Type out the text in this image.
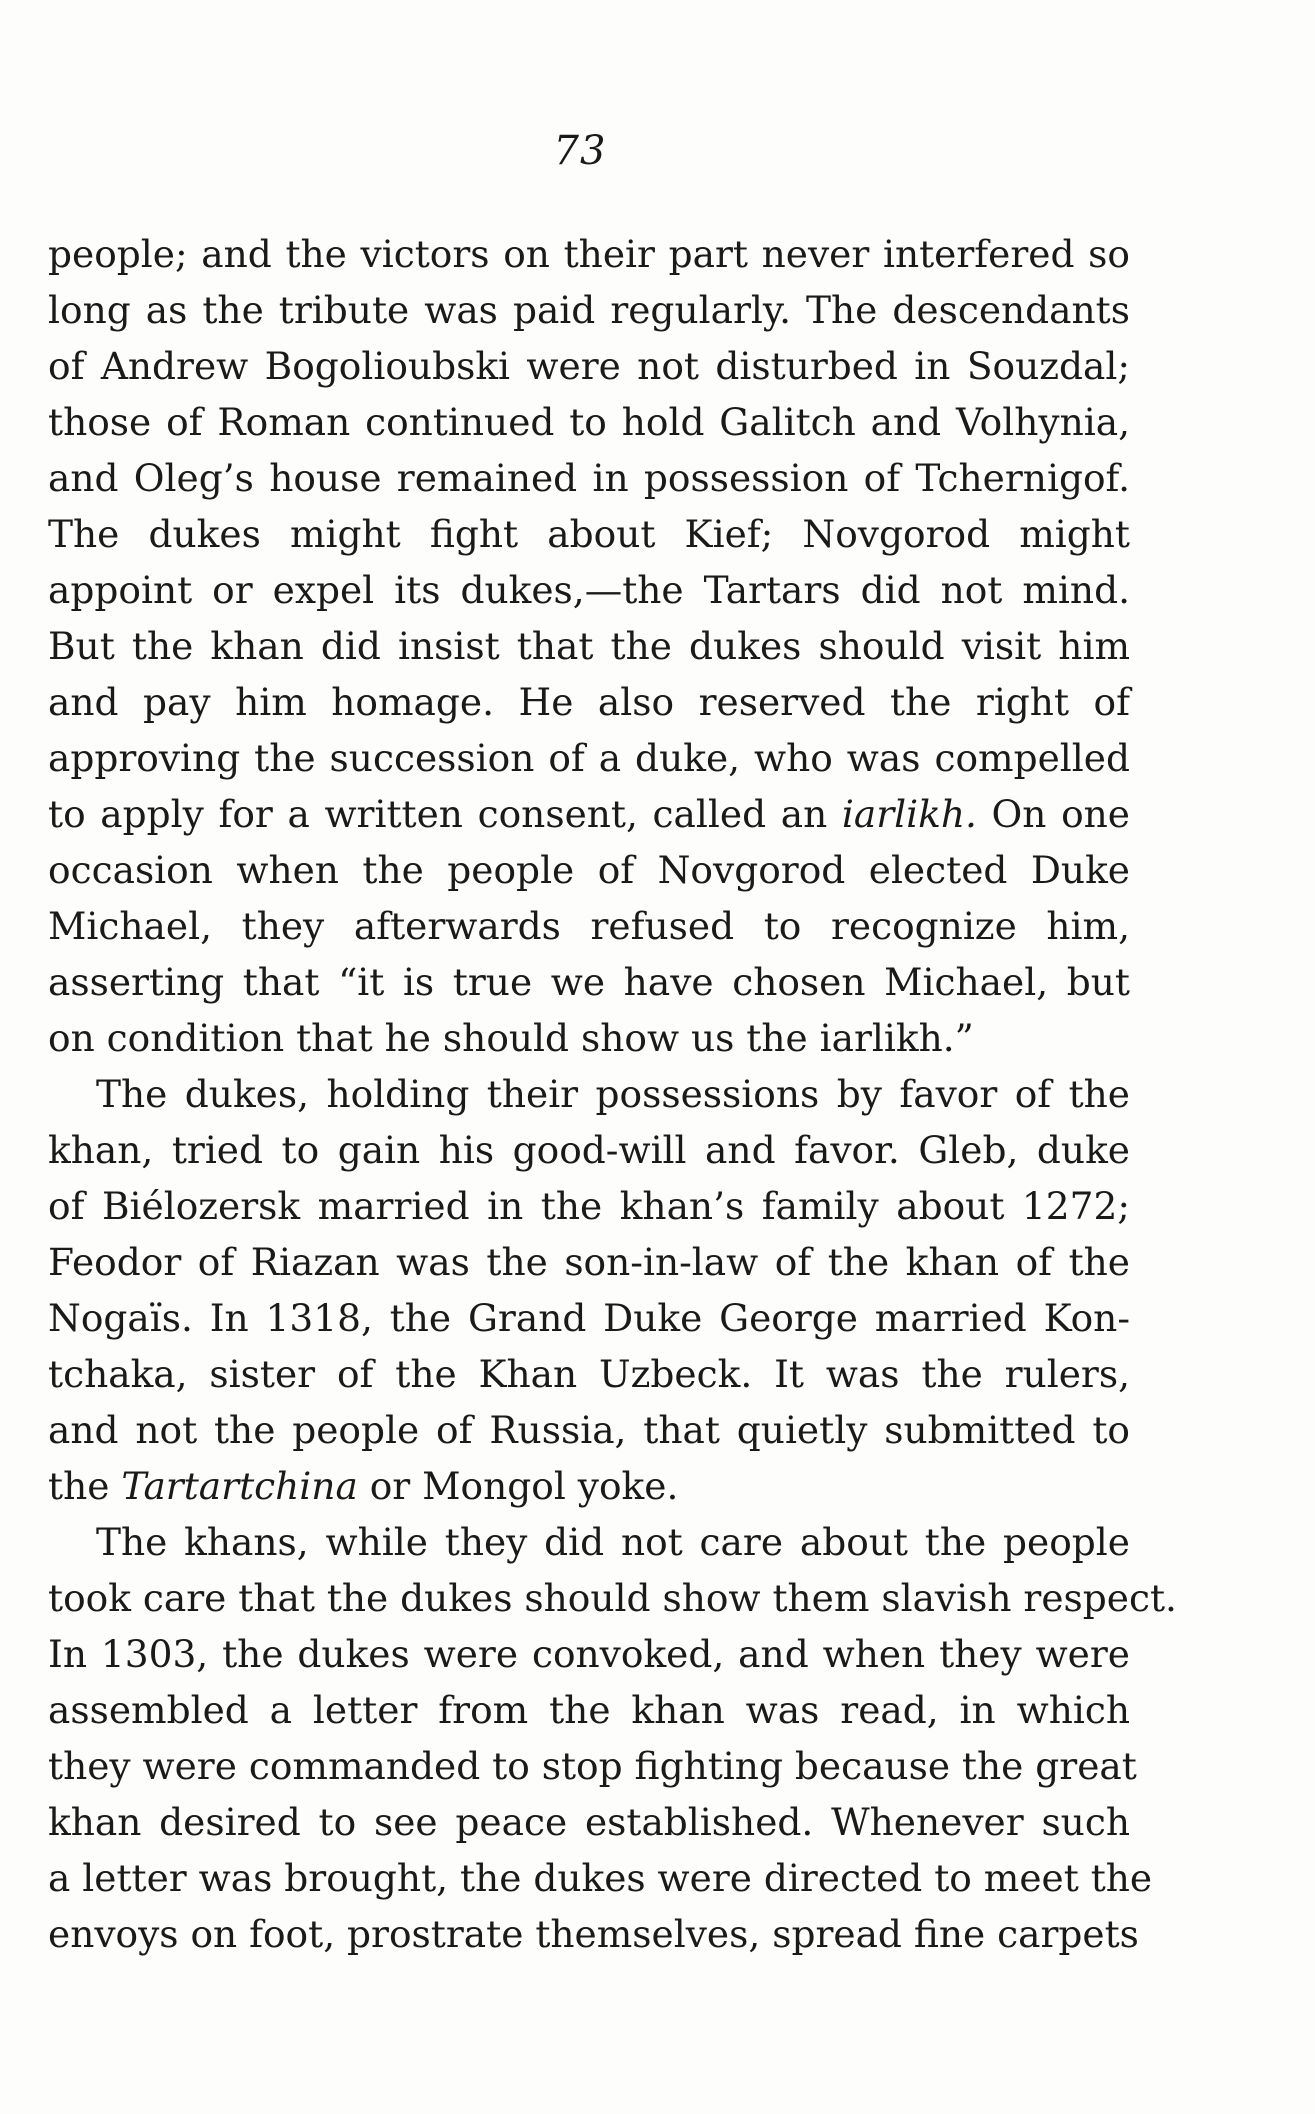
73
people; and the victors on their part never interfered so
long as the tribute was paid regularly. The descendants
of Andrew Bogolioubski were not disturbed in Souzdal;
those of Roman continued to hold Galitch and Volhynia,
and Oleg’s house remained in possession of Tchernigof.
The dukes might fight about Kief; Novgorod might
appoint or expel its dukes,—the Tartars did not mind.
But the khan did insist that the dukes should visit him
and pay him homage. He also reserved the right of
approving the succession of a duke, who was compelled
to apply for a written consent, called an iarlikh. On one
occasion when the people of Novgorod elected Duke
Michael, they afterwards refused to recognize him,
asserting that “it is true we have chosen Michael, but
on condition that he should show us the iarlikh.”
The dukes, holding their possessions by favor of the
khan, tried to gain his good-will and favor. Gleb, duke
of Biélozersk married in the khan’s family about 1272;
Feodor of Riazan was the son-in-law of the khan of the
Nogaïs. In 1318, the Grand Duke George married Kon-
tchaka, sister of the Khan Uzbeck. It was the rulers,
and not the people of Russia, that quietly submitted to
the Tartartchina or Mongol yoke.
The khans, while they did not care about the people
took care that the dukes should show them slavish respect.
In 1303, the dukes were convoked, and when they were
assembled a letter from the khan was read, in which
they were commanded to stop fighting because the great
khan desired to see peace established. Whenever such
a letter was brought, the dukes were directed to meet the
envoys on foot, prostrate themselves, spread fine carpets
